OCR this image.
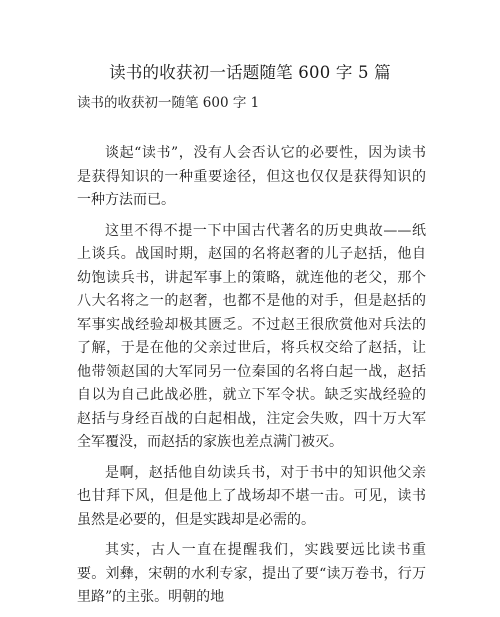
读书的收获初一话题随笔 600 字 5 篇
读书的收获初一随笔 600 字 1

谈起“读书”，没有人会否认它的必要性，因为读书是获得知识的一种重要途径，但这也仅仅是获得知识的一种方法而已。

这里不得不提一下中国古代著名的历史典故——纸上谈兵。战国时期，赵国的名将赵奢的儿子赵括，他自幼饱读兵书，讲起军事上的策略，就连他的老父，那个八大名将之一的赵奢，也都不是他的对手，但是赵括的军事实战经验却极其匮乏。不过赵王很欣赏他对兵法的了解，于是在他的父亲过世后，将兵权交给了赵括，让他带领赵国的大军同另一位秦国的名将白起一战，赵括自以为自己此战必胜，就立下军令状。缺乏实战经验的赵括与身经百战的白起相战，注定会失败，四十万大军全军覆没，而赵括的家族也差点满门被灭。

是啊，赵括他自幼读兵书，对于书中的知识他父亲也甘拜下风，但是他上了战场却不堪一击。可见，读书虽然是必要的，但是实践却是必需的。

其实，古人一直在提醒我们，实践要远比读书重要。刘彝，宋朝的水利专家，提出了要“读万卷书，行万里路”的主张。明朝的地
